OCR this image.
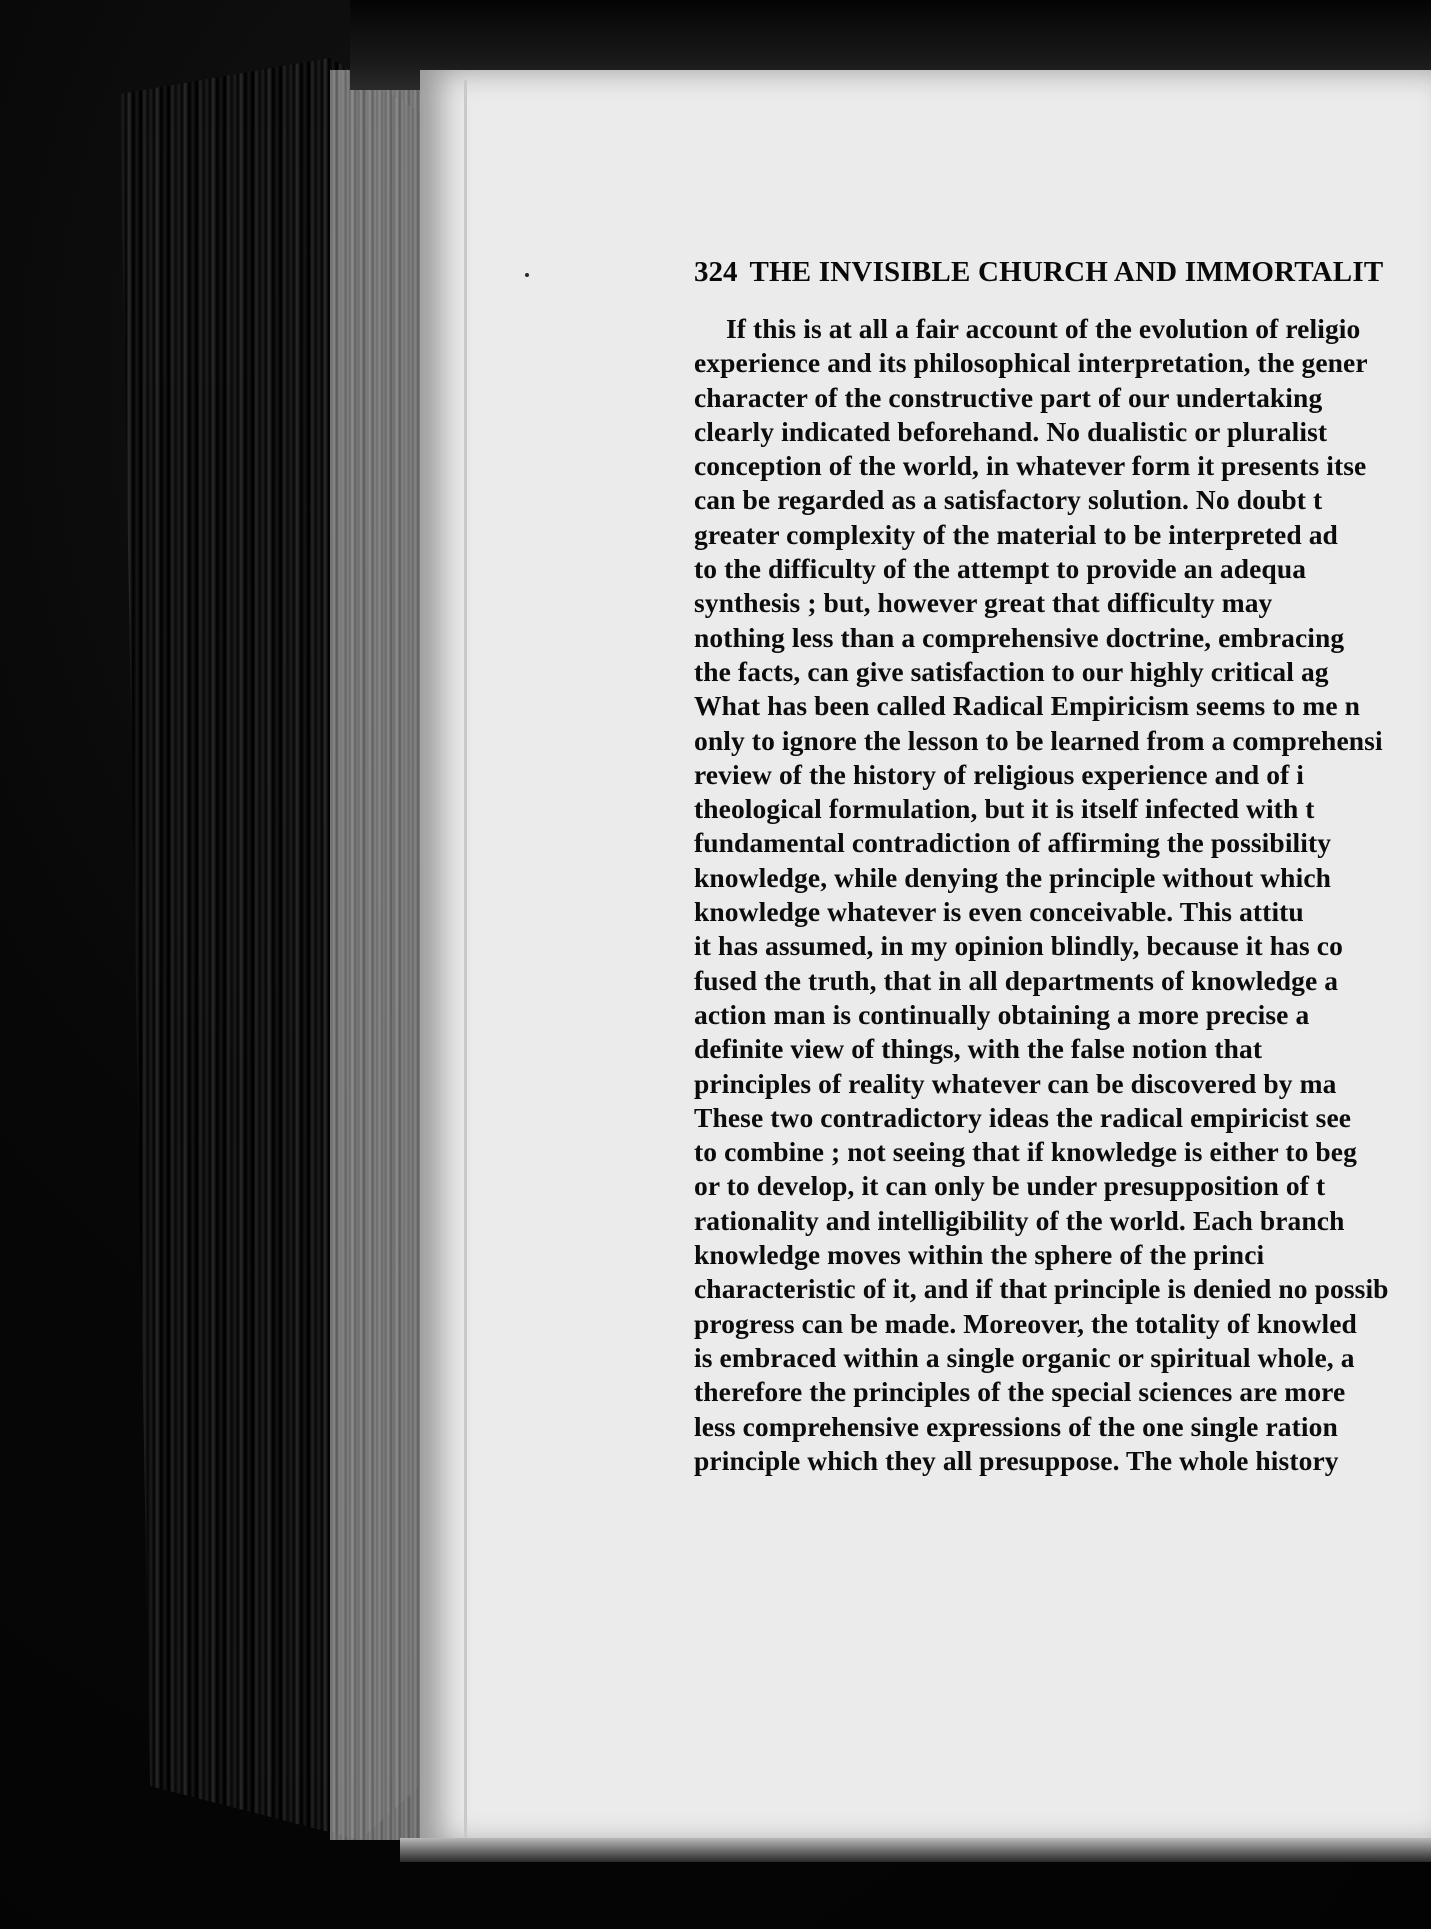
324 THE INVISIBLE CHURCH AND IMMORTALIT
If this is at all a fair account of the evolution of religio
experience and its philosophical interpretation, the gener
character of the constructive part of our undertaking
clearly indicated beforehand. No dualistic or pluralist
conception of the world, in whatever form it presents itse
can be regarded as a satisfactory solution. No doubt t
greater complexity of the material to be interpreted ad
to the difficulty of the attempt to provide an adequa
synthesis ; but, however great that difficulty may
nothing less than a comprehensive doctrine, embracing
the facts, can give satisfaction to our highly critical ag
What has been called Radical Empiricism seems to me n
only to ignore the lesson to be learned from a comprehensi
review of the history of religious experience and of i
theological formulation, but it is itself infected with t
fundamental contradiction of affirming the possibility
knowledge, while denying the principle without which
knowledge whatever is even conceivable. This attitu
it has assumed, in my opinion blindly, because it has co
fused the truth, that in all departments of knowledge a
action man is continually obtaining a more precise a
definite view of things, with the false notion that
principles of reality whatever can be discovered by ma
These two contradictory ideas the radical empiricist see
to combine ; not seeing that if knowledge is either to beg
or to develop, it can only be under presupposition of t
rationality and intelligibility of the world. Each branch
knowledge moves within the sphere of the princi
characteristic of it, and if that principle is denied no possib
progress can be made. Moreover, the totality of knowled
is embraced within a single organic or spiritual whole, a
therefore the principles of the special sciences are more
less comprehensive expressions of the one single ration
principle which they all presuppose. The whole history
